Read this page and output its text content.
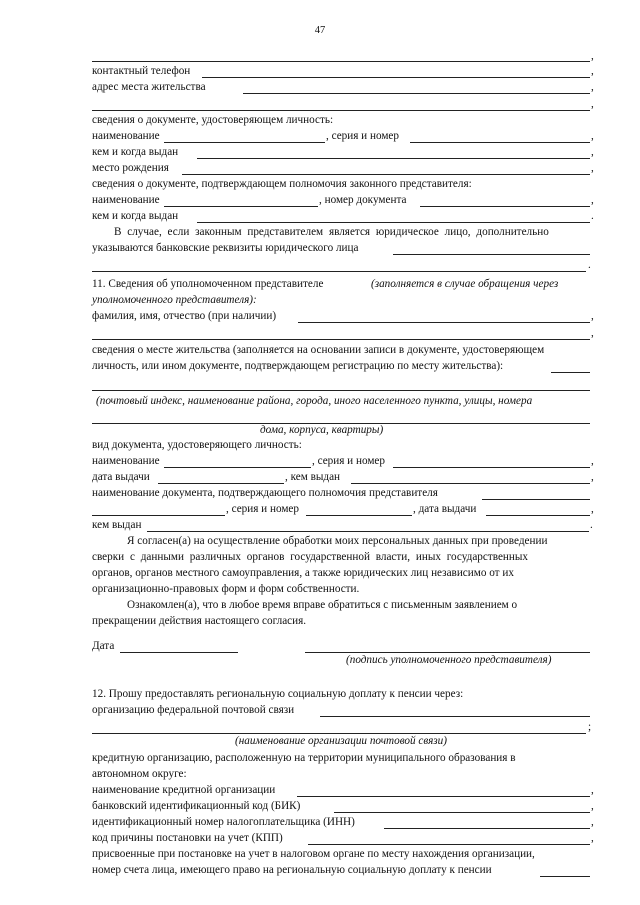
47
,
контактный телефон	,
адрес места жительства	,
,
сведения о документе, удостоверяющем личность:
наименование	, серия и номер	,
кем и когда выдан	,
место рождения	,
сведения о документе, подтверждающем полномочия законного представителя:
наименование	, номер документа	,
кем и когда выдан	.
В случае, если законным представителем является юридическое лицо, дополнительно
указываются банковские реквизиты юридического лица
.
11. Сведения об уполномоченном представителе	(заполняется в случае обращения через
уполномоченного представителя):
фамилия, имя, отчество (при наличии)	,
,
сведения о месте жительства (заполняется на основании записи в документе, удостоверяющем
личность, или ином документе, подтверждающем регистрацию по месту жительства):
(почтовый индекс, наименование района, города, иного населенного пункта, улицы, номера
дома, корпуса, квартиры)
вид документа, удостоверяющего личность:
наименование	, серия и номер	,
дата выдачи	, кем выдан	,
наименование документа, подтверждающего полномочия представителя
, серия и номер	, дата выдачи	,
кем выдан	.
Я согласен(а) на осуществление обработки моих персональных данных при проведении
сверки с данными различных органов государственной власти, иных государственных
органов, органов местного самоуправления, а также юридических лиц независимо от их
организационно-правовых форм и форм собственности.
Ознакомлен(а), что в любое время вправе обратиться с письменным заявлением о
прекращении действия настоящего согласия.
Дата
(подпись уполномоченного представителя)
12. Прошу предоставлять региональную социальную доплату к пенсии через:
организацию федеральной почтовой связи
;
(наименование организации почтовой связи)
кредитную организацию, расположенную на территории муниципального образования в
автономном округе:
наименование кредитной организации	,
банковский идентификационный код (БИК)	,
идентификационный номер налогоплательщика (ИНН)	,
код причины постановки на учет (КПП)	,
присвоенные при постановке на учет в налоговом органе по месту нахождения организации,
номер счета лица, имеющего право на региональную социальную доплату к пенсии
